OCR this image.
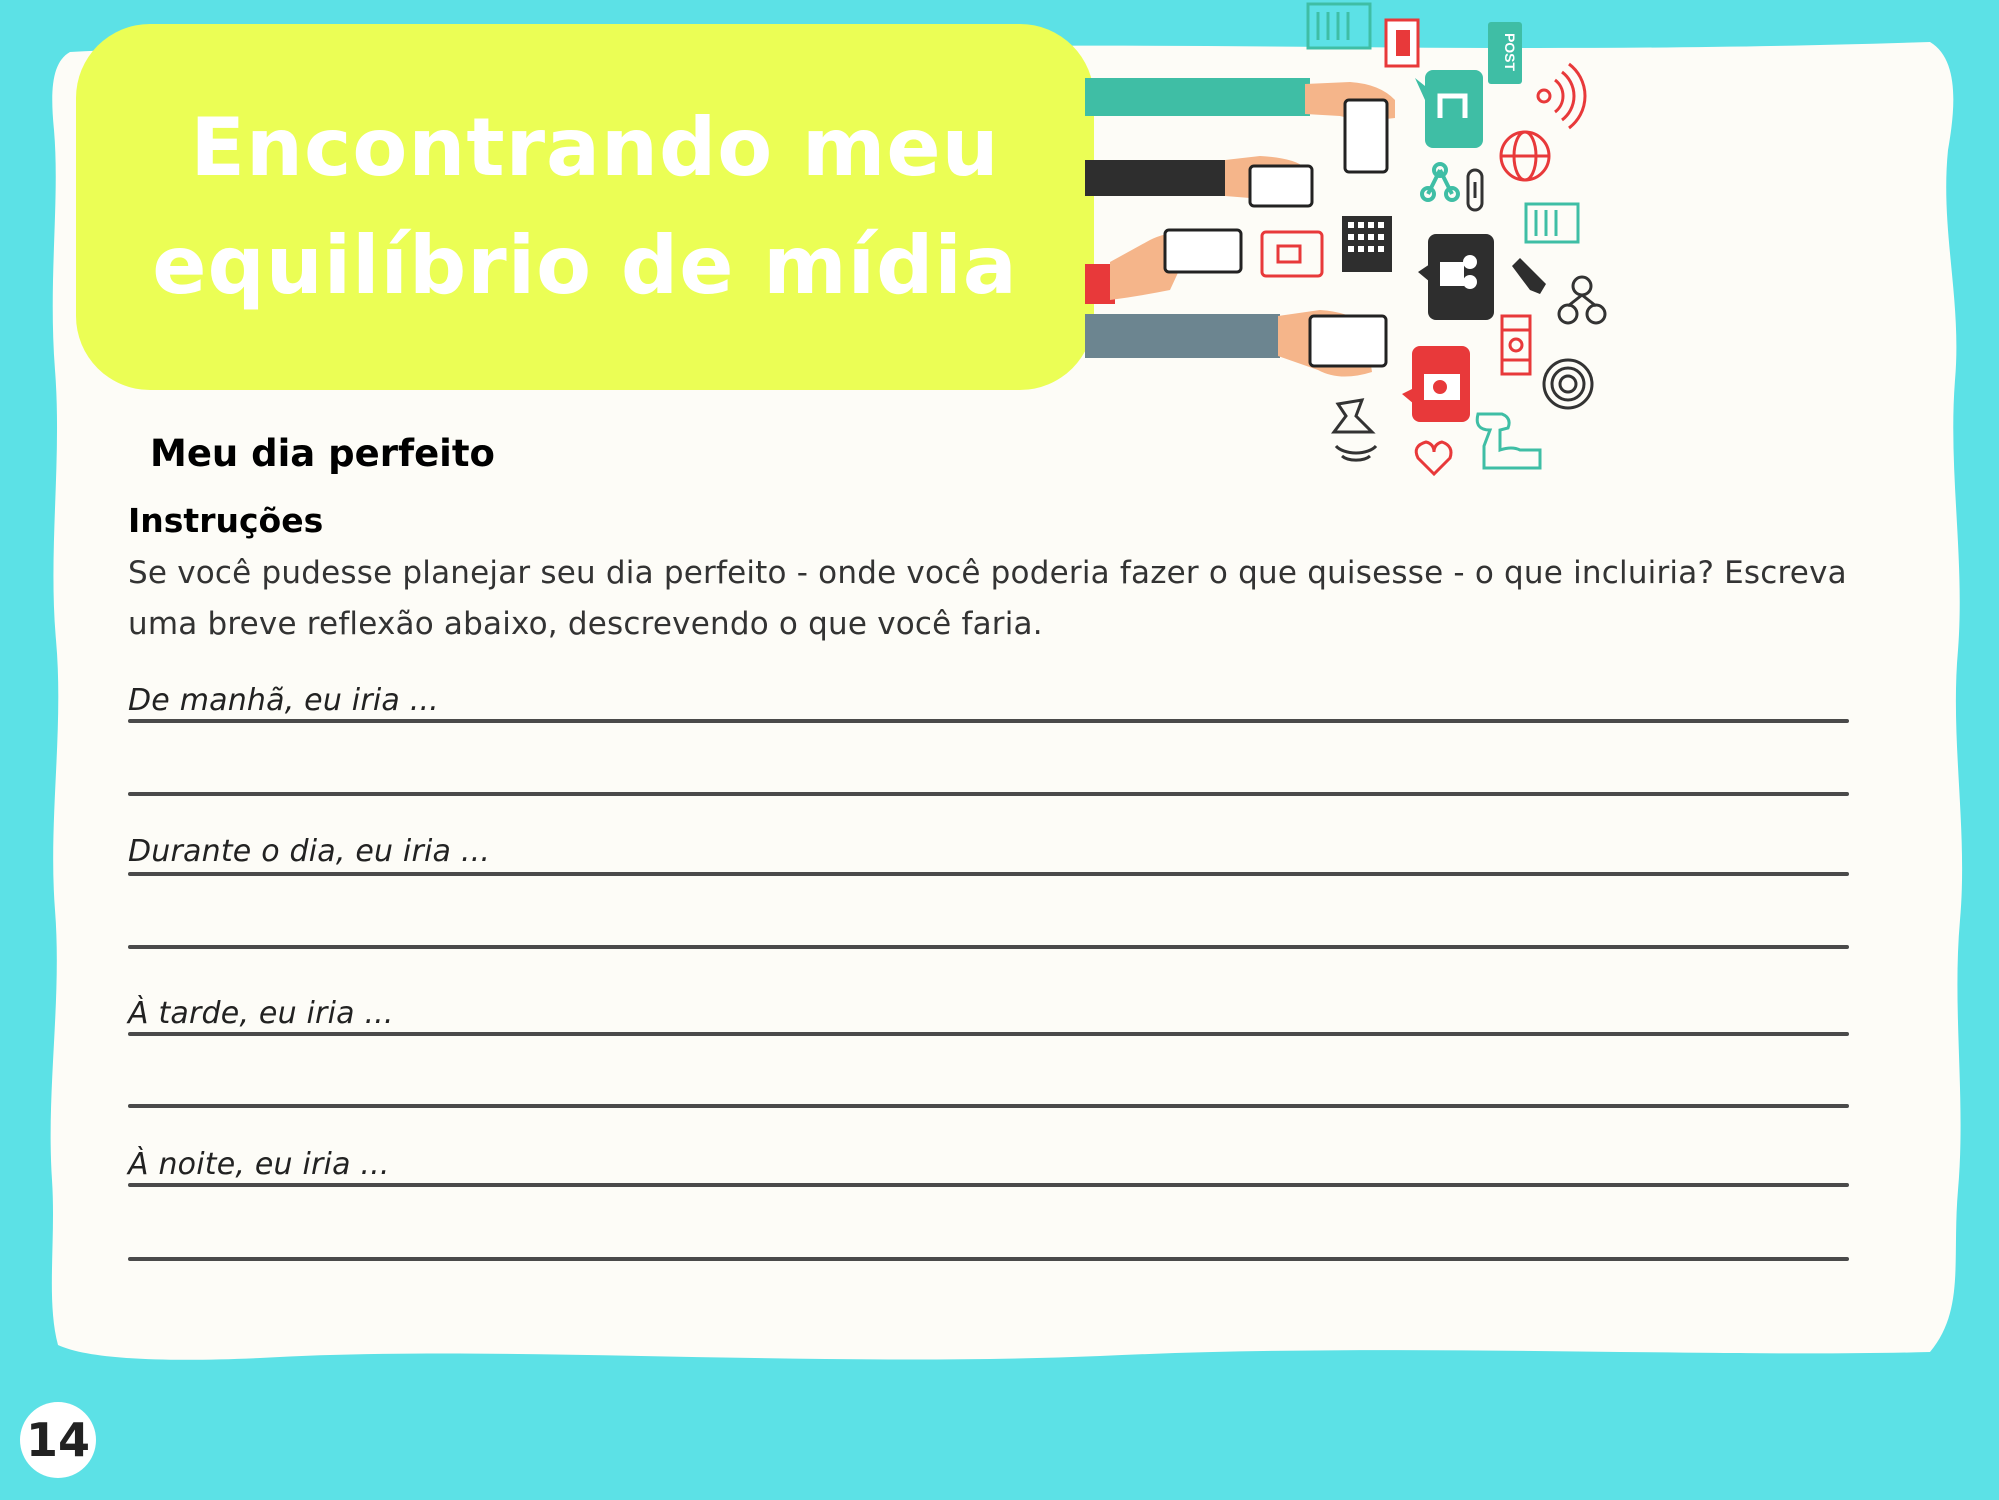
Encontrando meu
equilíbrio de mídia
POST
Meu dia perfeito
Instruções
Se você pudesse planejar seu dia perfeito - onde você poderia fazer o que quisesse - o que incluiria? Escreva uma breve reflexão abaixo, descrevendo o que você faria.
De manhã, eu iria ...
Durante o dia, eu iria ...
À tarde, eu iria ...
À noite, eu iria ...
14
